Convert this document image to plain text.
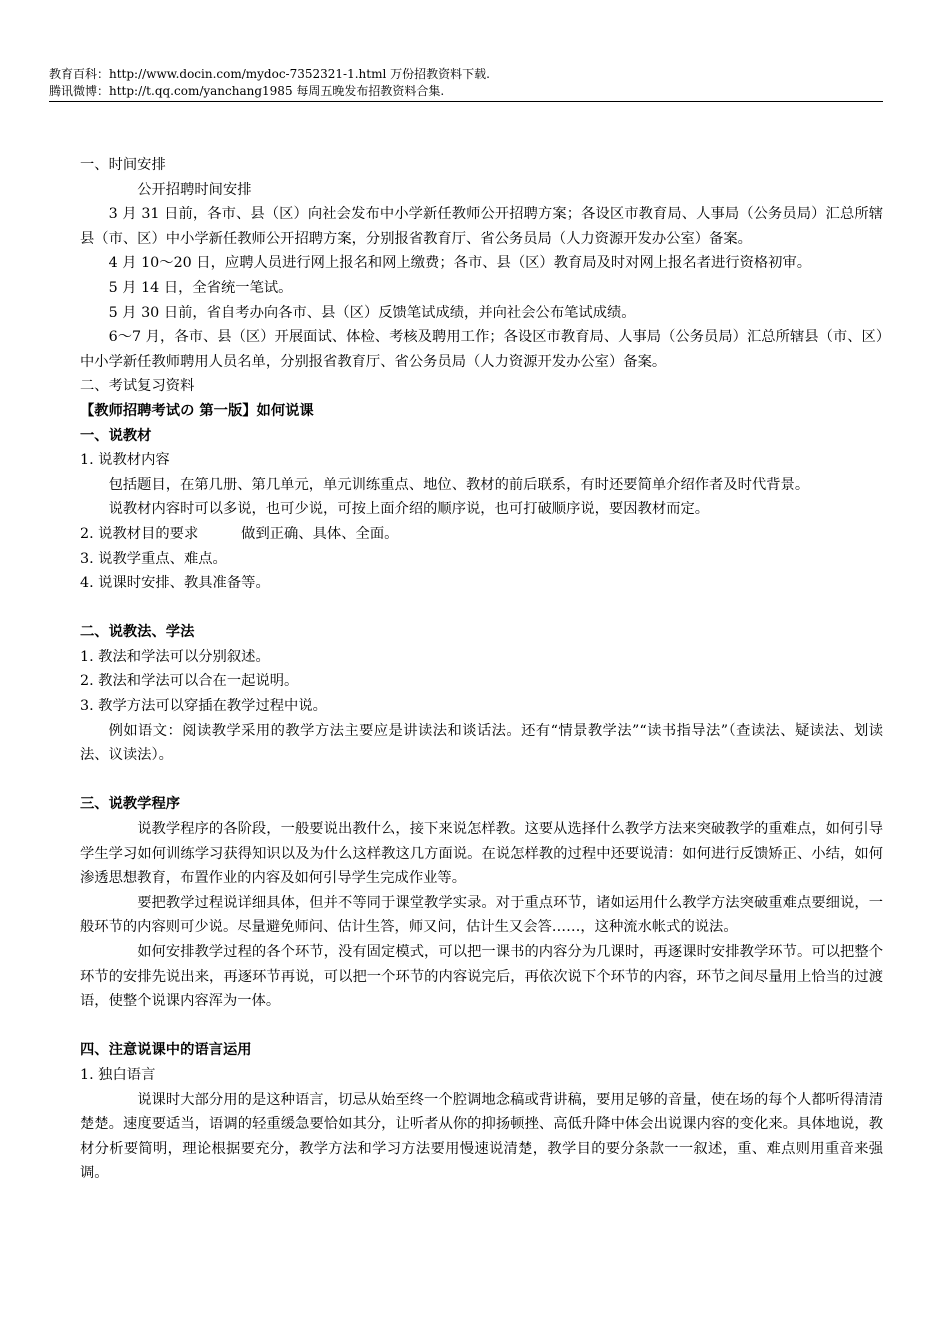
教育百科：http://www.docin.com/mydoc-7352321-1.html 万份招教资料下载.
腾讯微博：http://t.qq.com/yanchang1985 每周五晚发布招教资料合集.

一、时间安排

公开招聘时间安排

3 月 31 日前，各市、县（区）向社会发布中小学新任教师公开招聘方案；各设区市教育局、人事局（公务员局）汇总所辖县（市、区）中小学新任教师公开招聘方案，分别报省教育厅、省公务员局（人力资源开发办公室）备案。

4 月 10～20 日，应聘人员进行网上报名和网上缴费；各市、县（区）教育局及时对网上报名者进行资格初审。

5 月 14 日，全省统一笔试。

5 月 30 日前，省自考办向各市、县（区）反馈笔试成绩，并向社会公布笔试成绩。

6～7 月，各市、县（区）开展面试、体检、考核及聘用工作；各设区市教育局、人事局（公务员局）汇总所辖县（市、区）中小学新任教师聘用人员名单，分别报省教育厅、省公务员局（人力资源开发办公室）备案。

二、考试复习资料

【教师招聘考试の 第一版】如何说课

一、说教材

1. 说教材内容

包括题目，在第几册、第几单元，单元训练重点、地位、教材的前后联系，有时还要简单介绍作者及时代背景。

说教材内容时可以多说，也可少说，可按上面介绍的顺序说，也可打破顺序说，要因教材而定。

2. 说教材目的要求	做到正确、具体、全面。

3. 说教学重点、难点。

4. 说课时安排、教具准备等。

二、说教法、学法

1. 教法和学法可以分别叙述。

2. 教法和学法可以合在一起说明。

3. 教学方法可以穿插在教学过程中说。

例如语文：阅读教学采用的教学方法主要应是讲读法和谈话法。还有“情景教学法”“读书指导法”（查读法、疑读法、划读法、议读法）。

三、说教学程序

说教学程序的各阶段，一般要说出教什么，接下来说怎样教。这要从选择什么教学方法来突破教学的重难点，如何引导学生学习如何训练学习获得知识以及为什么这样教这几方面说。在说怎样教的过程中还要说清：如何进行反馈矫正、小结，如何渗透思想教育，布置作业的内容及如何引导学生完成作业等。

要把教学过程说详细具体，但并不等同于课堂教学实录。对于重点环节，诸如运用什么教学方法突破重难点要细说，一般环节的内容则可少说。尽量避免师问、估计生答，师又问，估计生又会答……，这种流水帐式的说法。

如何安排教学过程的各个环节，没有固定模式，可以把一课书的内容分为几课时，再逐课时安排教学环节。可以把整个环节的安排先说出来，再逐环节再说，可以把一个环节的内容说完后，再依次说下个环节的内容，环节之间尽量用上恰当的过渡语，使整个说课内容浑为一体。

四、注意说课中的语言运用

1. 独白语言

说课时大部分用的是这种语言，切忌从始至终一个腔调地念稿或背讲稿，要用足够的音量，使在场的每个人都听得清清楚楚。速度要适当，语调的轻重缓急要恰如其分，让听者从你的抑扬顿挫、高低升降中体会出说课内容的变化来。具体地说，教材分析要简明，理论根据要充分，教学方法和学习方法要用慢速说清楚，教学目的要分条款一一叙述，重、难点则用重音来强调。
